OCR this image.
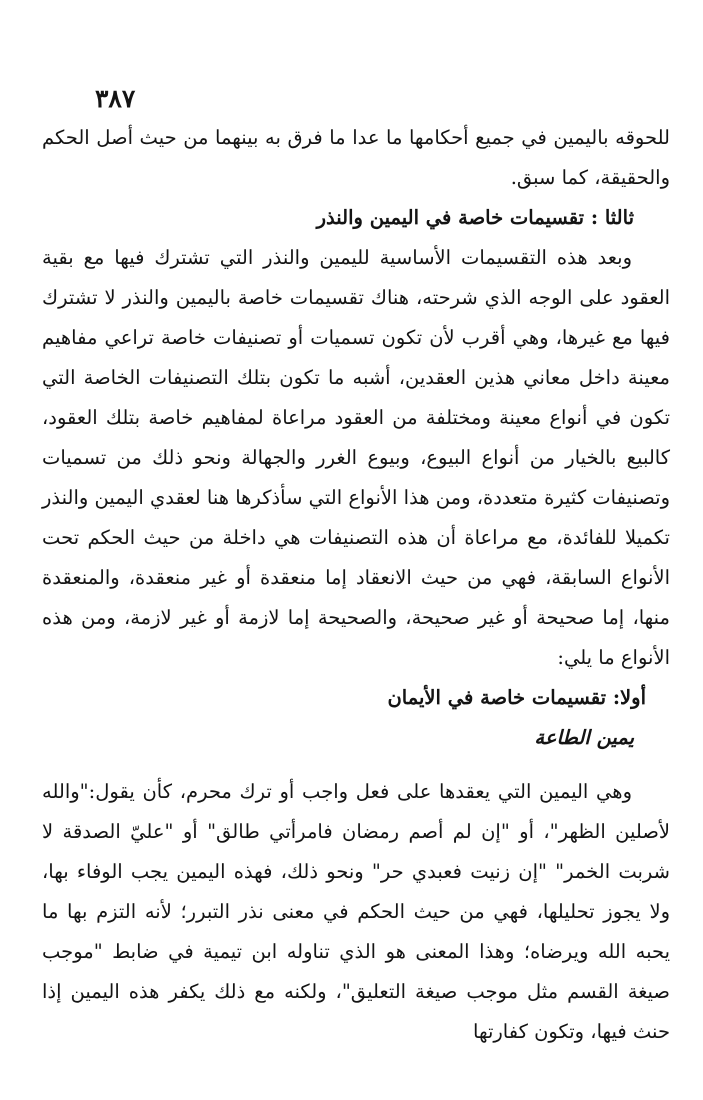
٣٨٧

للحوقه باليمين في جميع أحكامها ما عدا ما فرق به بينهما من حيث أصل الحكم والحقيقة، كما سبق.

ثالثا : تقسيمات خاصة في اليمين والنذر

وبعد هذه التقسيمات الأساسية لليمين والنذر التي تشترك فيها مع بقية العقود على الوجه الذي شرحته، هناك تقسيمات خاصة باليمين والنذر لا تشترك فيها مع غيرها، وهي أقرب لأن تكون تسميات أو تصنيفات خاصة تراعي مفاهيم معينة داخل معاني هذين العقدين، أشبه ما تكون بتلك التصنيفات الخاصة التي تكون في أنواع معينة ومختلفة من العقود مراعاة لمفاهيم خاصة بتلك العقود، كالبيع بالخيار من أنواع البيوع، وبيوع الغرر والجهالة ونحو ذلك من تسميات وتصنيفات كثيرة متعددة، ومن هذا الأنواع التي سأذكرها هنا لعقدي اليمين والنذر تكميلا للفائدة، مع مراعاة أن هذه التصنيفات هي داخلة من حيث الحكم تحت الأنواع السابقة، فهي من حيث الانعقاد إما منعقدة أو غير منعقدة، والمنعقدة منها، إما صحيحة أو غير صحيحة، والصحيحة إما لازمة أو غير لازمة، ومن هذه الأنواع ما يلي:

أولا: تقسيمات خاصة في الأيمان

يمين الطاعة

وهي اليمين التي يعقدها على فعل واجب أو ترك محرم، كأن يقول:"والله لأصلين الظهر"، أو "إن لم أصم رمضان فامرأتي طالق" أو "عليّ الصدقة لا شربت الخمر" "إن زنيت فعبدي حر" ونحو ذلك، فهذه اليمين يجب الوفاء بها، ولا يجوز تحليلها، فهي من حيث الحكم في معنى نذر التبرر؛ لأنه التزم بها ما يحبه الله ويرضاه؛ وهذا المعنى هو الذي تناوله ابن تيمية في ضابط "موجب صيغة القسم مثل موجب صيغة التعليق"، ولكنه مع ذلك يكفر هذه اليمين إذا حنث فيها، وتكون كفارتها
